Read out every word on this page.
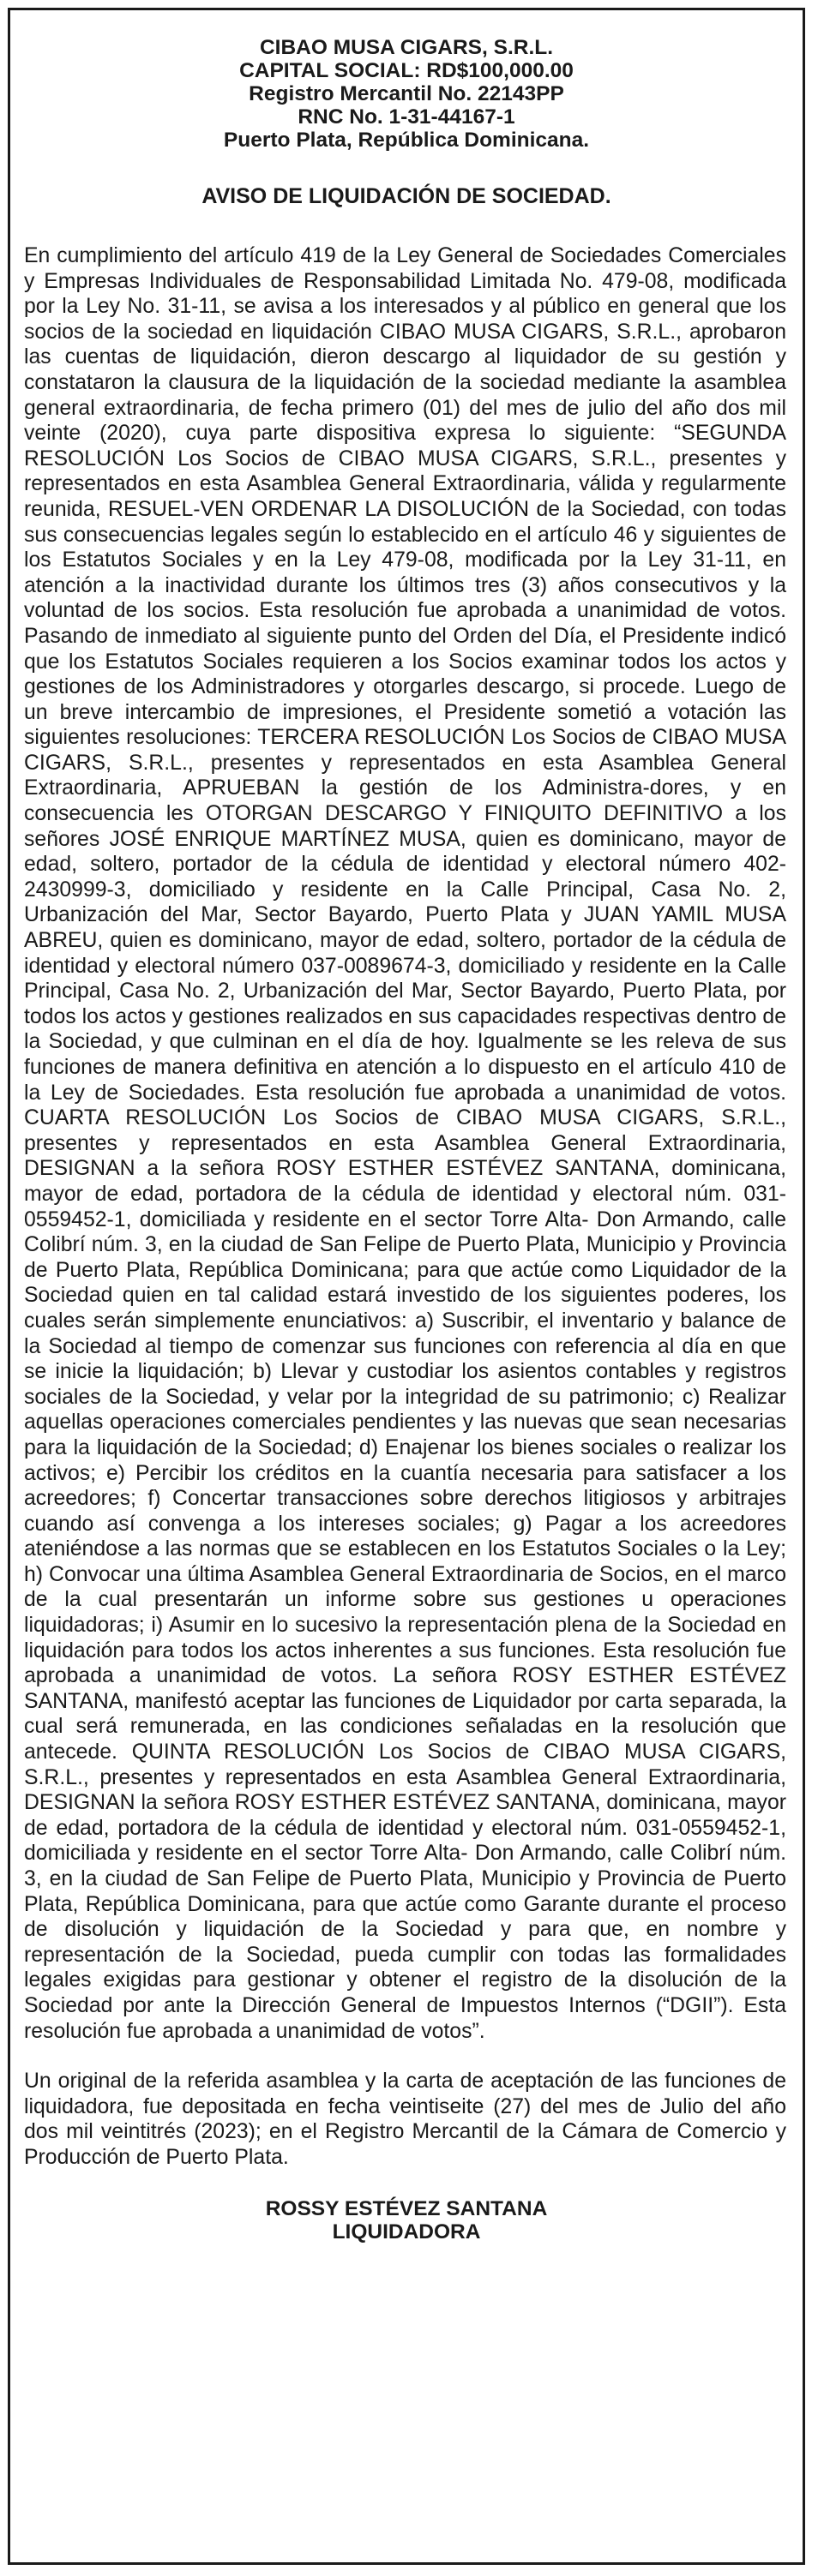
CIBAO MUSA CIGARS, S.R.L.
CAPITAL SOCIAL: RD$100,000.00
Registro Mercantil No. 22143PP
RNC No. 1-31-44167-1
Puerto Plata, República Dominicana.
AVISO DE LIQUIDACIÓN DE SOCIEDAD.

En cumplimiento del artículo 419 de la Ley General de Sociedades Comerciales y Empresas Individuales de Responsabilidad Limitada No. 479-08, modificada por la Ley No. 31-11, se avisa a los interesados y al público en general que los socios de la sociedad en liquidación CIBAO MUSA CIGARS, S.R.L., aprobaron las cuentas de liquidación, dieron descargo al liquidador de su gestión y constataron la clausura de la liquidación de la sociedad mediante la asamblea general extraordinaria, de fecha primero (01) del mes de julio del año dos mil veinte (2020), cuya parte dispositiva expresa lo siguiente: “SEGUNDA RESOLUCIÓN Los Socios de CIBAO MUSA CIGARS, S.R.L., presentes y representados en esta Asamblea General Extraordinaria, válida y regularmente reunida, RESUEL-VEN ORDENAR LA DISOLUCIÓN de la Sociedad, con todas sus consecuencias legales según lo establecido en el artículo 46 y siguientes de los Estatutos Sociales y en la Ley 479-08, modificada por la Ley 31-11, en atención a la inactividad durante los últimos tres (3) años consecutivos y la voluntad de los socios. Esta resolución fue aprobada a unanimidad de votos. Pasando de inmediato al siguiente punto del Orden del Día, el Presidente indicó que los Estatutos Sociales requieren a los Socios examinar todos los actos y gestiones de los Administradores y otorgarles descargo, si procede. Luego de un breve intercambio de impresiones, el Presidente sometió a votación las siguientes resoluciones: TERCERA RESOLUCIÓN Los Socios de CIBAO MUSA CIGARS, S.R.L., presentes y representados en esta Asamblea General Extraordinaria, APRUEBAN la gestión de los Administra-dores, y en consecuencia les OTORGAN DESCARGO Y FINIQUITO DEFINITIVO a los señores JOSÉ ENRIQUE MARTÍNEZ MUSA, quien es dominicano, mayor de edad, soltero, portador de la cédula de identidad y electoral número 402-2430999-3, domiciliado y residente en la Calle Principal, Casa No. 2, Urbanización del Mar, Sector Bayardo, Puerto Plata y JUAN YAMIL MUSA ABREU, quien es dominicano, mayor de edad, soltero, portador de la cédula de identidad y electoral número 037-0089674-3, domiciliado y residente en la Calle Principal, Casa No. 2, Urbanización del Mar, Sector Bayardo, Puerto Plata, por todos los actos y gestiones realizados en sus capacidades respectivas dentro de la Sociedad, y que culminan en el día de hoy. Igualmente se les releva de sus funciones de manera definitiva en atención a lo dispuesto en el artículo 410 de la Ley de Sociedades. Esta resolución fue aprobada a unanimidad de votos. CUARTA RESOLUCIÓN Los Socios de CIBAO MUSA CIGARS, S.R.L., presentes y representados en esta Asamblea General Extraordinaria, DESIGNAN a la señora ROSY ESTHER ESTÉVEZ SANTANA, dominicana, mayor de edad, portadora de la cédula de identidad y electoral núm. 031-0559452-1, domiciliada y residente en el sector Torre Alta- Don Armando, calle Colibrí núm. 3, en la ciudad de San Felipe de Puerto Plata, Municipio y Provincia de Puerto Plata, República Dominicana; para que actúe como Liquidador de la Sociedad quien en tal calidad estará investido de los siguientes poderes, los cuales serán simplemente enunciativos: a) Suscribir, el inventario y balance de la Sociedad al tiempo de comenzar sus funciones con referencia al día en que se inicie la liquidación; b) Llevar y custodiar los asientos contables y registros sociales de la Sociedad, y velar por la integridad de su patrimonio; c) Realizar aquellas operaciones comerciales pendientes y las nuevas que sean necesarias para la liquidación de la Sociedad; d) Enajenar los bienes sociales o realizar los activos; e) Percibir los créditos en la cuantía necesaria para satisfacer a los acreedores; f) Concertar transacciones sobre derechos litigiosos y arbitrajes cuando así convenga a los intereses sociales; g) Pagar a los acreedores ateniéndose a las normas que se establecen en los Estatutos Sociales o la Ley; h) Convocar una última Asamblea General Extraordinaria de Socios, en el marco de la cual presentarán un informe sobre sus gestiones u operaciones liquidadoras; i) Asumir en lo sucesivo la representación plena de la Sociedad en liquidación para todos los actos inherentes a sus funciones. Esta resolución fue aprobada a unanimidad de votos. La señora ROSY ESTHER ESTÉVEZ SANTANA, manifestó aceptar las funciones de Liquidador por carta separada, la cual será remunerada, en las condiciones señaladas en la resolución que antecede. QUINTA RESOLUCIÓN Los Socios de CIBAO MUSA CIGARS, S.R.L., presentes y representados en esta Asamblea General Extraordinaria, DESIGNAN la señora ROSY ESTHER ESTÉVEZ SANTANA, dominicana, mayor de edad, portadora de la cédula de identidad y electoral núm. 031-0559452-1, domiciliada y residente en el sector Torre Alta- Don Armando, calle Colibrí núm. 3, en la ciudad de San Felipe de Puerto Plata, Municipio y Provincia de Puerto Plata, República Dominicana, para que actúe como Garante durante el proceso de disolución y liquidación de la Sociedad y para que, en nombre y representación de la Sociedad, pueda cumplir con todas las formalidades legales exigidas para gestionar y obtener el registro de la disolución de la Sociedad por ante la Dirección General de Impuestos Internos (“DGII”). Esta resolución fue aprobada a unanimidad de votos”.

Un original de la referida asamblea y la carta de aceptación de las funciones de liquidadora, fue depositada en fecha veintiseite (27) del mes de Julio del año dos mil veintitrés (2023); en el Registro Mercantil de la Cámara de Comercio y Producción de Puerto Plata.

ROSSY ESTÉVEZ SANTANA
LIQUIDADORA
